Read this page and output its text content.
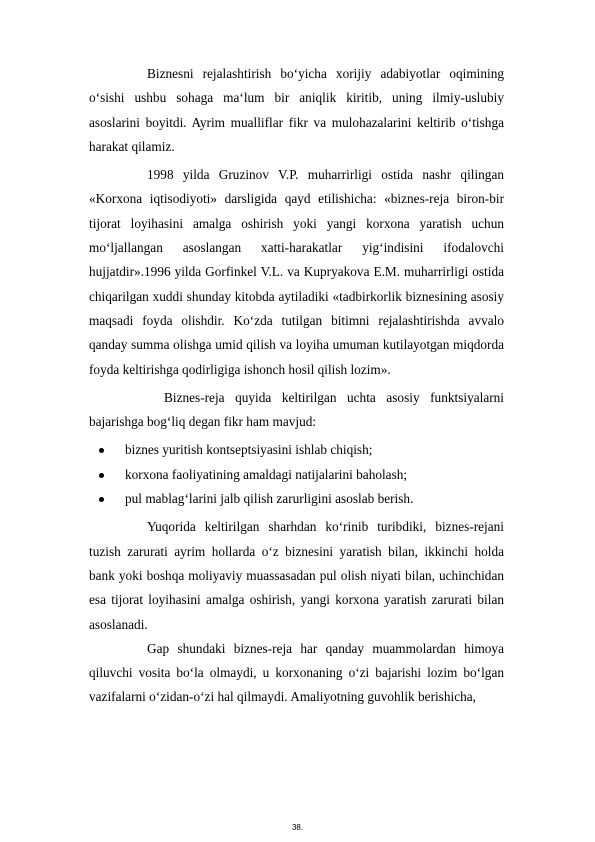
Biznesni rejalashtirish bo‘yicha xorijiy adabiyotlar oqimining o‘sishi ushbu sohaga ma‘lum bir aniqlik kiritib, uning ilmiy-uslubiy asoslarini boyitdi. Ayrim mualliflar fikr va mulohazalarini keltirib o‘tishga harakat qilamiz.

1998 yilda Gruzinov V.P. muharrirligi ostida nashr qilingan «Korxona iqtisodiyoti» darsligida qayd etilishicha: «biznes-reja biron-bir tijorat loyihasini amalga oshirish yoki yangi korxona yaratish uchun mo‘ljallangan asoslangan xatti-harakatlar yig‘indisini ifodalovchi hujjatdir».1996 yilda Gorfinkel V.L. va Kupryakova E.M. muharrirligi ostida chiqarilgan xuddi shunday kitobda aytiladiki «tadbirkorlik biznesining asosiy maqsadi foyda olishdir. Ko‘zda tutilgan bitimni rejalashtirishda avvalo qanday summa olishga umid qilish va loyiha umuman kutilayotgan miqdorda foyda keltirishga qodirligiga ishonch hosil qilish lozim».

Biznes-reja quyida keltirilgan uchta asosiy funktsiyalarni bajarishga bog‘liq degan fikr ham mavjud:

biznes yuritish kontseptsiyasini ishlab chiqish;
korxona faoliyatining amaldagi natijalarini baholash;
pul mablag‘larini jalb qilish zarurligini asoslab berish.

Yuqorida keltirilgan sharhdan ko‘rinib turibdiki, biznes-rejani tuzish zarurati ayrim hollarda o‘z biznesini yaratish bilan, ikkinchi holda bank yoki boshqa moliyaviy muassasadan pul olish niyati bilan, uchinchidan esa tijorat loyihasini amalga oshirish, yangi korxona yaratish zarurati bilan asoslanadi.

Gap shundaki biznes-reja har qanday muammolardan himoya qiluvchi vosita bo‘la olmaydi, u korxonaning o‘zi bajarishi lozim bo‘lgan vazifalarni o‘zidan-o‘zi hal qilmaydi. Amaliyotning guvohlik berishicha,

38.
